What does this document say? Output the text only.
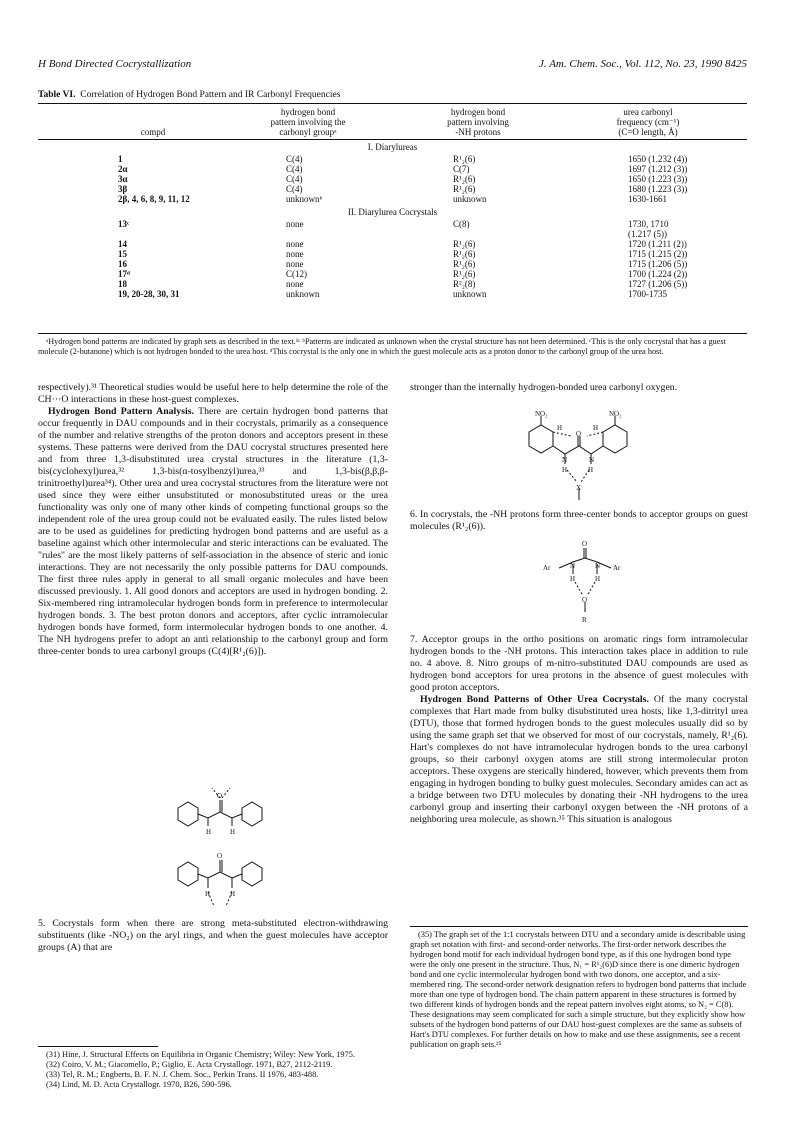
H Bond Directed Cocrystallization	J. Am. Chem. Soc., Vol. 112, No. 23, 1990 8425
Table VI. Correlation of Hydrogen Bond Pattern and IR Carbonyl Frequencies
hydrogen bond	hydrogen bond	urea carbonyl
pattern involving the	pattern involving	frequency (cm⁻¹)
compd	carbonyl groupᵃ	-NH protons	(C=O length, Å)
I. Diarylureas
1	C(4)	R¹₂(6)	1650 (1.232 (4))
2α	C(4)	C(7)	1697 (1.212 (3))
3α	C(4)	R¹₂(6)	1650 (1.223 (3))
3β	C(4)	R¹₂(6)	1680 (1.223 (3))
2β, 4, 6, 8, 9, 11, 12	unknownᵇ	unknown	1630-1661
II. Diarylurea Cocrystals
13ᶜ	none	C(8)	1730, 1710
(1.217 (5))
14	none	R¹₂(6)	1720 (1.211 (2))
15	none	R¹₂(6)	1715 (1.215 (2))
16	none	R¹₂(6)	1715 (1.206 (5))
17ᵈ	C(12)	R¹₂(6)	1700 (1.224 (2))
18	none	R²₂(8)	1727 (1.206 (5))
19, 20-28, 30, 31	unknown	unknown	1700-1735
ᵃHydrogen bond patterns are indicated by graph sets as described in the text.¹ᶜ ᵇPatterns are indicated as unknown when the crystal structure has not been determined. ᶜThis is the only cocrystal that has a guest molecule (2-butanone) which is not hydrogen bonded to the urea host. ᵈThis cocrystal is the only one in which the guest molecule acts as a proton donor to the carbonyl group of the urea host.

respectively).³¹ Theoretical studies would be useful here to help determine the role of the CH···O interactions in these host-guest complexes.

Hydrogen Bond Pattern Analysis. There are certain hydrogen bond patterns that occur frequently in DAU compounds and in their cocrystals, primarily as a consequence of the number and relative strengths of the proton donors and acceptors present in these systems. These patterns were derived from the DAU cocrystal structures presented here and from three 1,3-disubstituted urea crystal structures in the literature (1,3-bis(cyclohexyl)urea,³² 1,3-bis(α-tosylbenzyl)urea,³³ and 1,3-bis(β,β,β-trinitroethyl)urea³⁴). Other urea and urea cocrystal structures from the literature were not used since they were either unsubstituted or monosubstituted ureas or the urea functionality was only one of many other kinds of competing functional groups so the independent role of the urea group could not be evaluated easily. The rules listed below are to be used as guidelines for predicting hydrogen bond patterns and are useful as a baseline against which other intermolecular and steric interactions can be evaluated. The "rules" are the most likely patterns of self-association in the absence of steric and ionic interactions. They are not necessarily the only possible patterns for DAU compounds. The first three rules apply in general to all small organic molecules and have been discussed previously. 1. All good donors and acceptors are used in hydrogen bonding. 2. Six-membered ring intramolecular hydrogen bonds form in preference to intermolecular hydrogen bonds. 3. The best proton donors and acceptors, after cyclic intramolecular hydrogen bonds have formed, form intermolecular hydrogen bonds to one another. 4. The NH hydrogens prefer to adopt an anti relationship to the carbonyl group and form three-center bonds to urea carbonyl groups (C(4)[R¹₂(6)]).

O
H	H
O
H	H

5. Cocrystals form when there are strong meta-substituted electron-withdrawing substituents (like -NO₂) on the aryl rings, and when the guest molecules have acceptor groups (A) that are

(31) Hine, J. Structural Effects on Equilibria in Organic Chemistry; Wiley: New York, 1975.

(32) Coiro, V. M.; Giacomello, P.; Giglio, E. Acta Crystallogr. 1971, B27, 2112-2119.

(33) Tel, R. M.; Engberts, B. F. N. J. Chem. Soc., Perkin Trans. II 1976, 483-488.

(34) Lind, M. D. Acta Crystallogr. 1970, B26, 590-596.

stronger than the internally hydrogen-bonded urea carbonyl oxygen.

NO₂	NO₂
H	H
O
N	N
H	H
X

6. In cocrystals, the -NH protons form three-center bonds to acceptor groups on guest molecules (R¹₂(6)).

O
Ar	Ar
N	N
H	H
O
R

7. Acceptor groups in the ortho positions on aromatic rings form intramolecular hydrogen bonds to the -NH protons. This interaction takes place in addition to rule no. 4 above. 8. Nitro groups of m-nitro-substituted DAU compounds are used as hydrogen bond acceptors for urea protons in the absence of guest molecules with good proton acceptors.

Hydrogen Bond Patterns of Other Urea Cocrystals. Of the many cocrystal complexes that Hart made from bulky disubstituted urea hosts, like 1,3-ditrityl urea (DTU), those that formed hydrogen bonds to the guest molecules usually did so by using the same graph set that we observed for most of our cocrystals, namely, R¹₂(6). Hart's complexes do not have intramolecular hydrogen bonds to the urea carbonyl groups, so their carbonyl oxygen atoms are still strong intermolecular proton acceptors. These oxygens are sterically hindered, however, which prevents them from engaging in hydrogen bonding to bulky guest molecules. Secondary amides can act as a bridge between two DTU molecules by donating their -NH hydrogens to the urea carbonyl group and inserting their carbonyl oxygen between the -NH protons of a neighboring urea molecule, as shown.³⁵ This situation is analogous

(35) The graph set of the 1:1 cocrystals between DTU and a secondary amide is describable using graph set notation with first- and second-order networks. The first-order network describes the hydrogen bond motif for each individual hydrogen bond type, as if this one hydrogen bond type were the only one present in the structure. Thus, N₁ = R¹₂(6)D since there is one dimeric hydrogen bond and one cyclic intermolecular hydrogen bond with two donors, one acceptor, and a six-membered ring. The second-order network designation refers to hydrogen bond patterns that include more than one type of hydrogen bond. The chain pattern apparent in these structures is formed by two different kinds of hydrogen bonds and the repeat pattern involves eight atoms, so N₂ = C(8). These designations may seem complicated for such a simple structure, but they explicitly show how subsets of the hydrogen bond patterns of our DAU host-guest complexes are the same as subsets of Hart's DTU complexes. For further details on how to make and use these assignments, see a recent publication on graph sets.²⁵
